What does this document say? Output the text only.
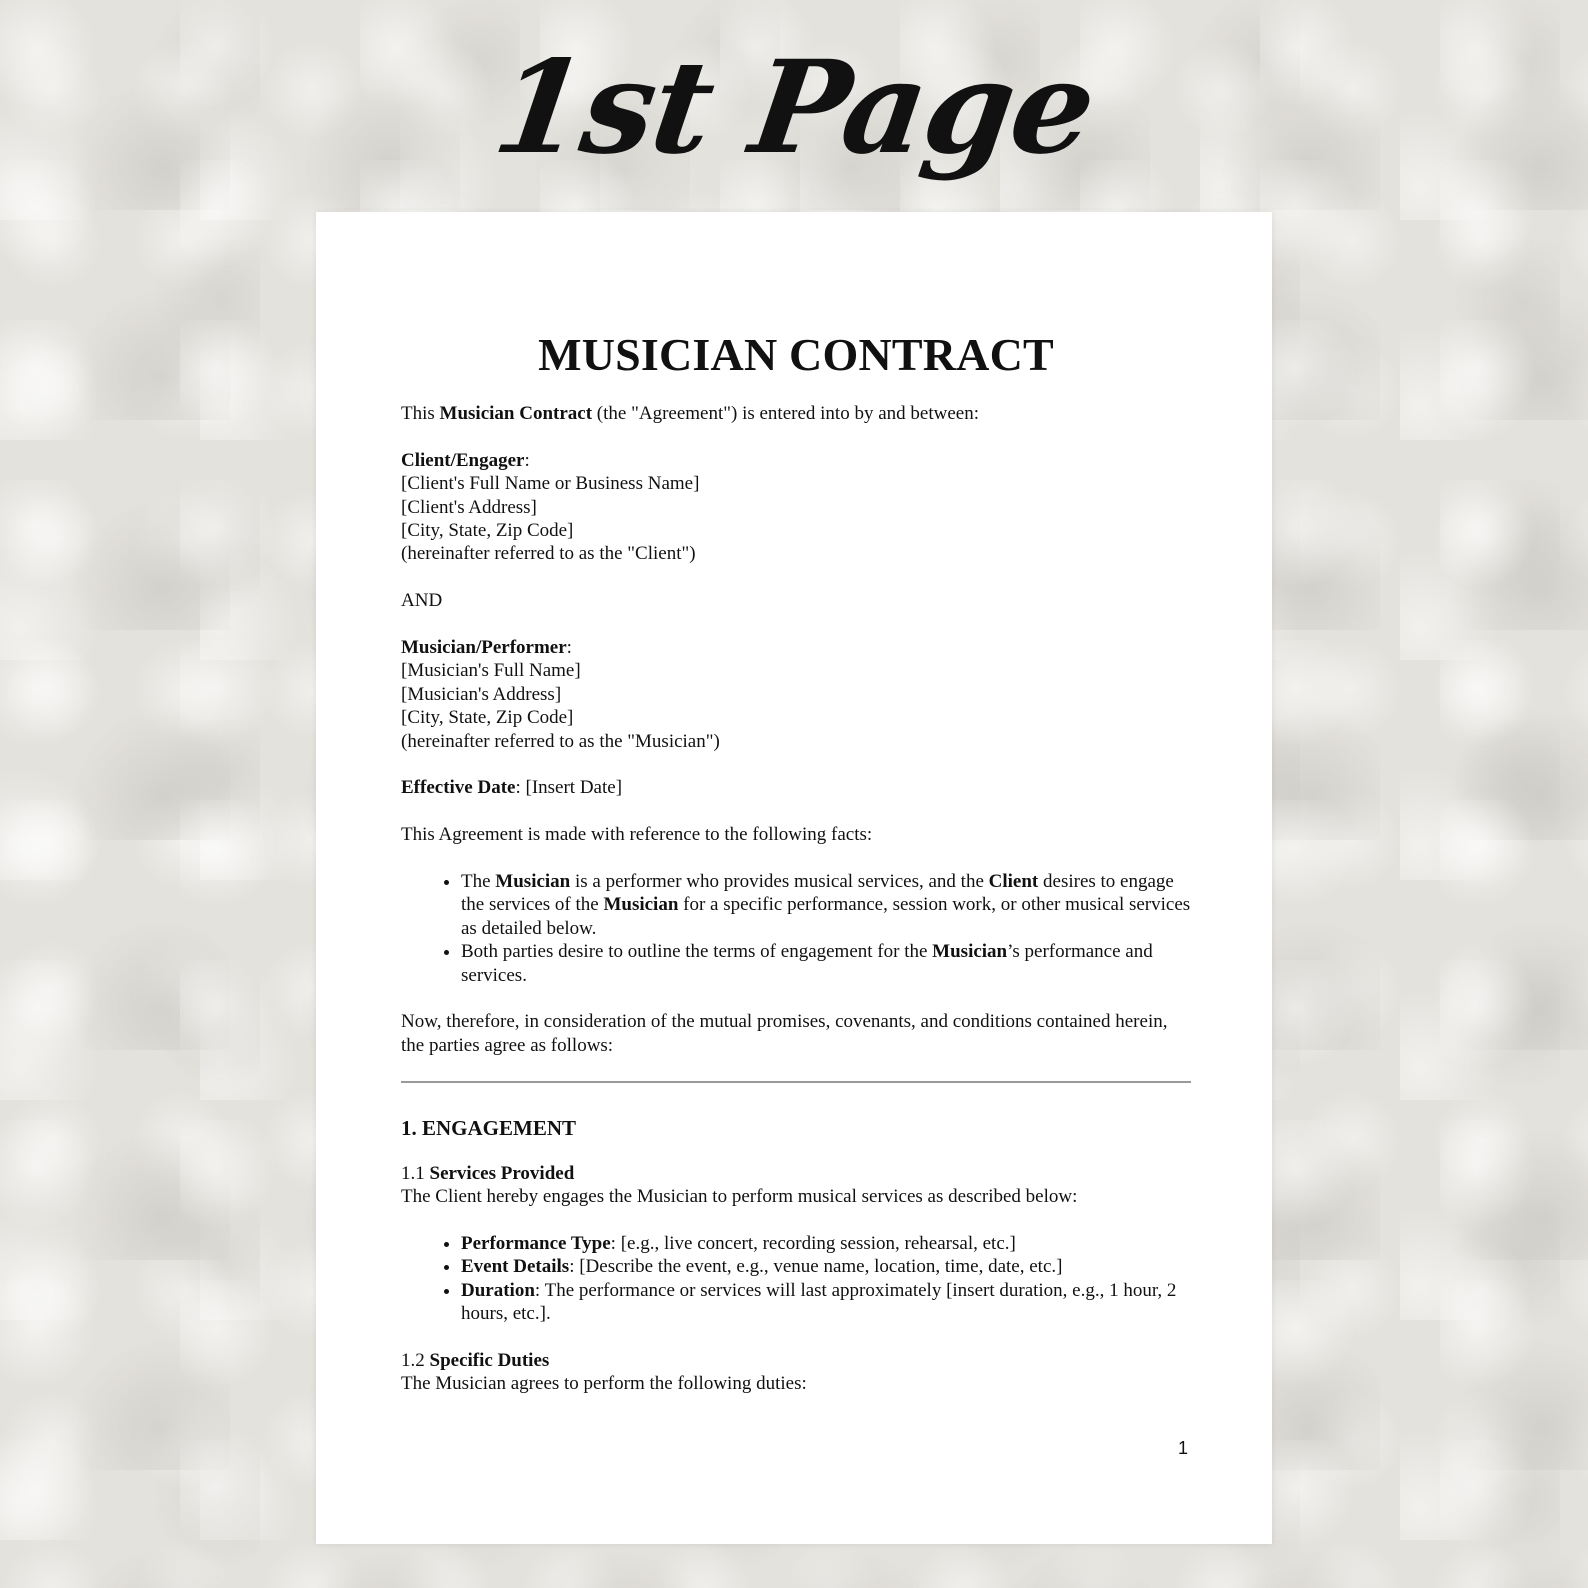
1st Page
MUSICIAN CONTRACT

This Musician Contract (the "Agreement") is entered into by and between:

Client/Engager:
[Client's Full Name or Business Name]
[Client's Address]
[City, State, Zip Code]
(hereinafter referred to as the "Client")

AND

Musician/Performer:
[Musician's Full Name]
[Musician's Address]
[City, State, Zip Code]
(hereinafter referred to as the "Musician")

Effective Date: [Insert Date]

This Agreement is made with reference to the following facts:

• The Musician is a performer who provides musical services, and the Client desires to engage the services of the Musician for a specific performance, session work, or other musical services as detailed below.
• Both parties desire to outline the terms of engagement for the Musician’s performance and services.

Now, therefore, in consideration of the mutual promises, covenants, and conditions contained herein, the parties agree as follows:

1. ENGAGEMENT
1.1 Services Provided
The Client hereby engages the Musician to perform musical services as described below:
• Performance Type: [e.g., live concert, recording session, rehearsal, etc.]
• Event Details: [Describe the event, e.g., venue name, location, time, date, etc.]
• Duration: The performance or services will last approximately [insert duration, e.g., 1 hour, 2 hours, etc.].
1.2 Specific Duties
The Musician agrees to perform the following duties:
1
